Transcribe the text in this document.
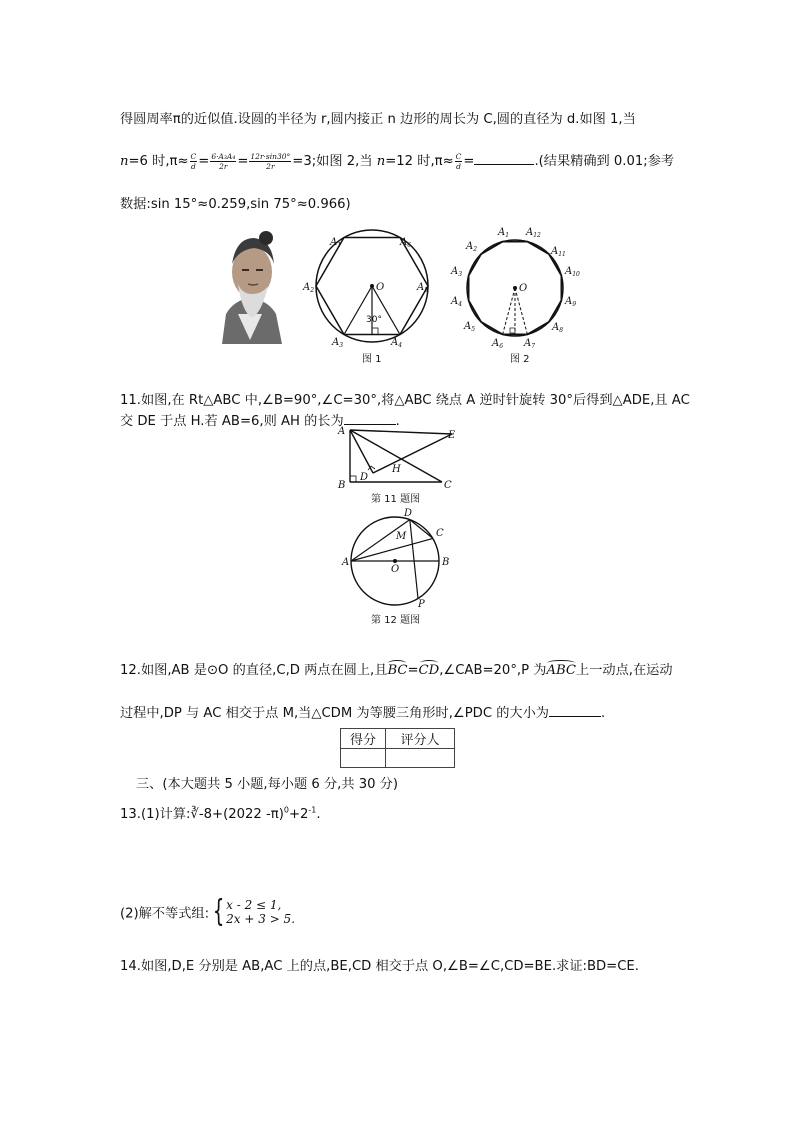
得圆周率π的近似值.设圆的半径为 r,圆内接正 n 边形的周长为 C,圆的直径为 d.如图 1,当
n=6 时$,\pi\approx \frac{C}{d} = \frac{\text{6·A₃A₄}}{2r} = \frac{12r\cdot\sin 30^\circ}{2r} =3$;如图 2,当 n=12 时$,\pi\approx \frac{C}{d}$ =	.(结果精确到 0.01;参考
数据:sin 15°≈0.259,sin 75°≈0.966)
O
$A_1$	$A_6$
$A_2$	$A_5$
$A_3$	$A_4$
30°
图 1
O
$A_1$ $A_{12}$
$A_2$	$A_{11}$
$A_3$	$A_{10}$
$A_4$	$A_9$
$A_5$	$A_8$
$A_6$ $A_7$
图 2
11.如图,在 Rt△ABC 中,∠B=90°,∠C=30°,将△ABC 绕点 A 逆时针旋转 30°后得到△ADE,且 AC
交 DE 于点 H.若 AB=6,则 AH 的长为	.
A
B	C
D
E
H
第 11 题图
A	B
C
D
M
O
P
第 12 题图
12.如图,AB 是⊙O 的直径,C,D 两点在圆上,且BC=CD,∠CAB=20°,P 为ABC上一动点,在运动
过程中,DP 与 AC 相交于点 M,当△CDM 为等腰三角形时,∠PDC 的大小为	.
得分	评分人

三、(本大题共 5 小题,每小题 6 分,共 30 分)
13.(1)计算:∛-8+(2022 $-\pi)^0+2^{-1}$.
(2)解不等式组: { x - 2 ≤ 1,
2x + 3 > 5.
14.如图,D,E 分别是 AB,AC 上的点,BE,CD 相交于点 O,∠B=∠C,CD=BE.求证:BD=CE.
